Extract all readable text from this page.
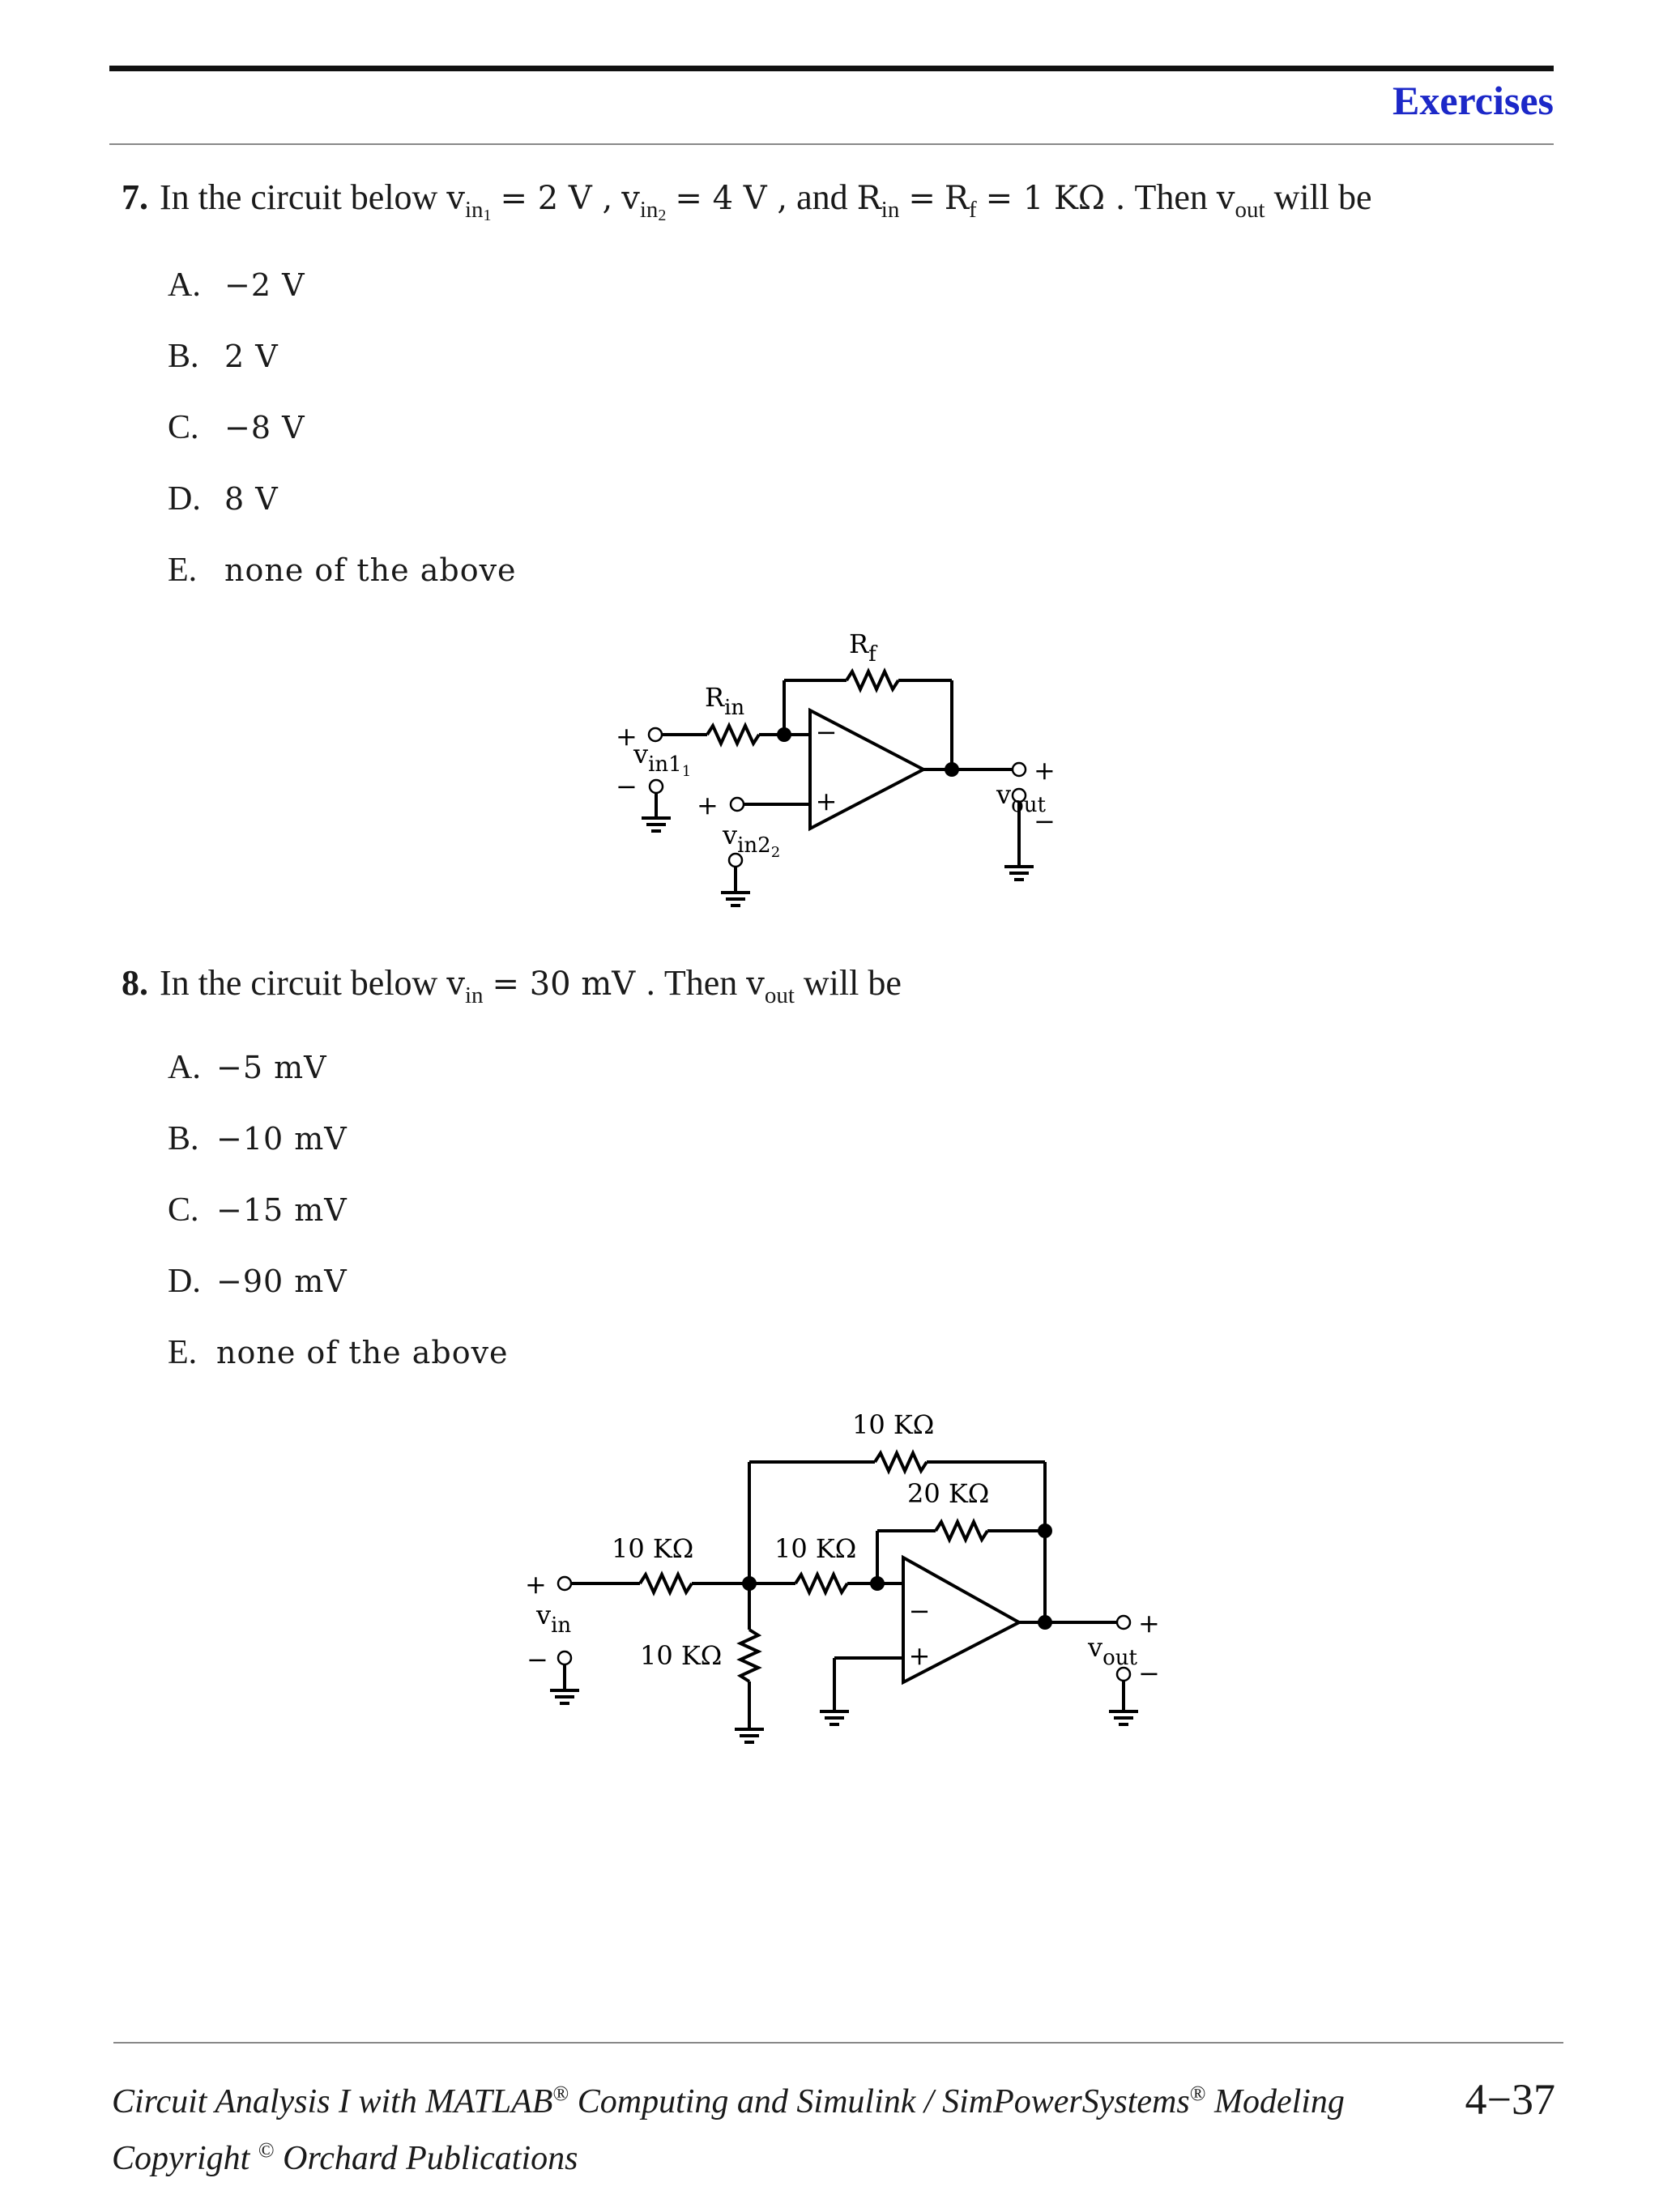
Exercises
7. In the circuit below $v_{in_1} = 2$ V , $v_{in_2} = 4$ V , and $R_{in} = R_f = 1$ KΩ . Then $v_{out}$ will be
A. −2 V
B. 2 V
C. −8 V
D. 8 V
E. none of the above
−
+
$R_f$
$R_{in}$
+
−
$v_{in1}1$
+
$v_{in2}2$
+
−
$v_{out}$
8. In the circuit below $v_{in} = 30$ mV . Then $v_{out}$ will be
A. −5 mV
B. −10 mV
C. −15 mV
D. −90 mV
E. none of the above
−
+
10 KΩ
20 KΩ
10 KΩ	10 KΩ
10 KΩ
+
−
$v_{in}$	+
−
$v_{out}$
Circuit Analysis I with MATLAB® Computing and Simulink / SimPowerSystems® Modeling
Copyright © Orchard Publications
4−37
